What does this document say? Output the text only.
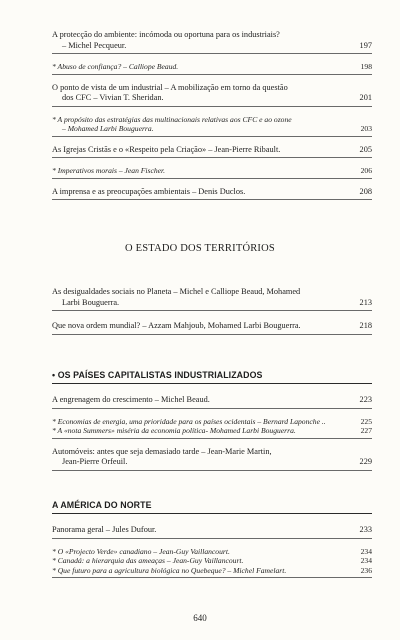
A protecção do ambiente: incómoda ou oportuna para os industriais?
– Michel Pecqueur.	197
* Abuso de confiança? – Calliope Beaud.	198
O ponto de vista de um industrial – A mobilização em torno da questão
dos CFC – Vivian T. Sheridan.	201
* A propósito das estratégias das multinacionais relativas aos CFC e ao ozone
– Mohamed Larbi Bouguerra.	203
As Igrejas Cristãs e o «Respeito pela Criação» – Jean-Pierre Ribault.	205
* Imperativos morais – Jean Fischer.	206
A imprensa e as preocupações ambientais – Denis Duclos.	208
O ESTADO DOS TERRITÓRIOS
As desigualdades sociais no Planeta – Michel e Calliope Beaud, Mohamed
Larbi Bouguerra.	213
Que nova ordem mundial? – Azzam Mahjoub, Mohamed Larbi Bouguerra.	218
• OS PAÍSES CAPITALISTAS INDUSTRIALIZADOS
A engrenagem do crescimento – Michel Beaud.	223
* Economias de energia, uma prioridade para os países ocidentais – Bernard Laponche ..	225
* A «nota Summers» miséria da economia política- Mohamed Larbi Bouguerra.	227
Automóveis: antes que seja demasiado tarde – Jean-Marie Martin,
Jean-Pierre Orfeuil.	229
A AMÉRICA DO NORTE
Panorama geral – Jules Dufour.	233
* O «Projecto Verde» canadiano – Jean-Guy Vaillancourt.	234
* Canadá: a hierarquia das ameaças – Jean-Guy Vaillancourt.	234
* Que futuro para a agricultura biológica no Quebeque? – Michel Famelart.	236
640
